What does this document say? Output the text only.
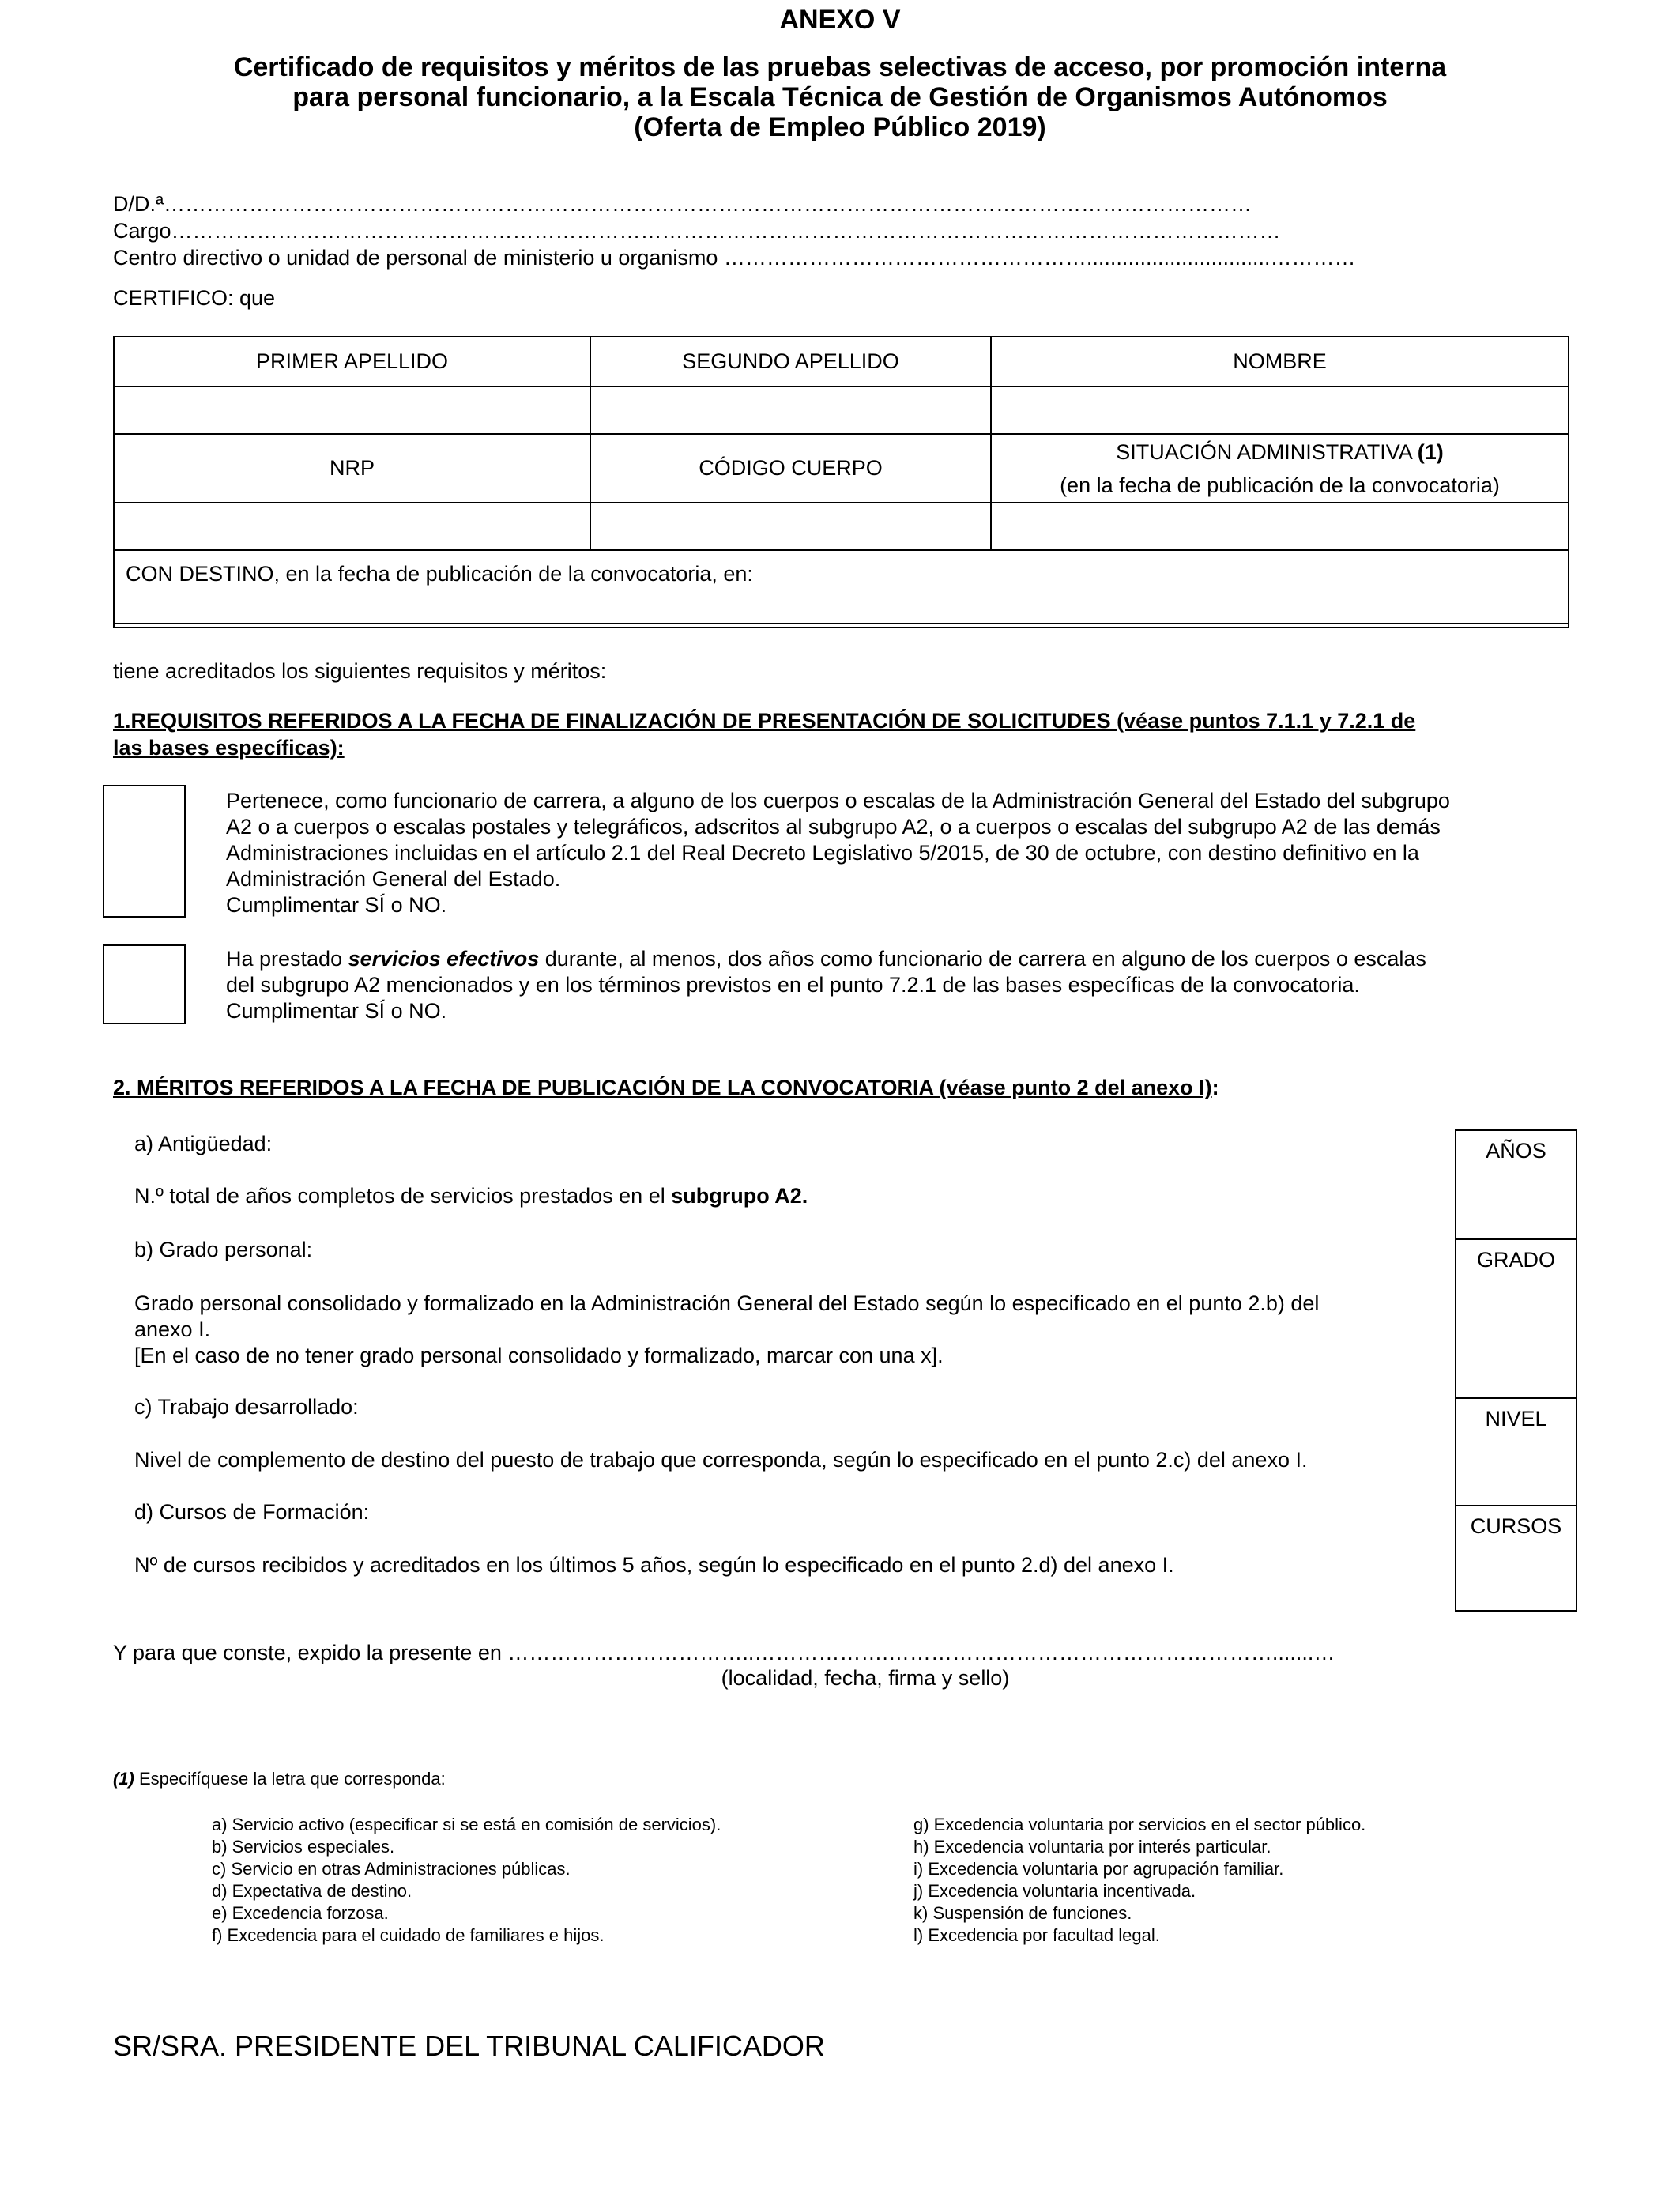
ANEXO V
Certificado de requisitos y méritos de las pruebas selectivas de acceso, por promoción interna
para personal funcionario, a la Escala Técnica de Gestión de Organismos Autónomos
(Oferta de Empleo Público 2019)
D/D.ª………………………………………………………………………………………………………………………………………
Cargo…………………………………………………………………………………………………………………………………………
Centro directivo o unidad de personal de ministerio u organismo ……………………………………………...............................…………
CERTIFICO: que
PRIMER APELLIDO	SEGUNDO APELLIDO	NOMBRE

NRP	CÓDIGO CUERPO	SITUACIÓN ADMINISTRATIVA (1)
(en la fecha de publicación de la convocatoria)

CON DESTINO, en la fecha de publicación de la convocatoria, en:		
tiene acreditados los siguientes requisitos y méritos:
1.REQUISITOS REFERIDOS A LA FECHA DE FINALIZACIÓN DE PRESENTACIÓN DE SOLICITUDES (véase puntos 7.1.1 y 7.2.1 de
las bases específicas):
Pertenece, como funcionario de carrera, a alguno de los cuerpos o escalas de la Administración General del Estado del subgrupo
A2 o a cuerpos o escalas postales y telegráficos, adscritos al subgrupo A2, o a cuerpos o escalas del subgrupo A2 de las demás
Administraciones incluidas en el artículo 2.1 del Real Decreto Legislativo 5/2015, de 30 de octubre, con destino definitivo en la
Administración General del Estado.
Cumplimentar SÍ o NO.
Ha prestado servicios efectivos durante, al menos, dos años como funcionario de carrera en alguno de los cuerpos o escalas
del subgrupo A2 mencionados y en los términos previstos en el punto 7.2.1 de las bases específicas de la convocatoria.
Cumplimentar SÍ o NO.
2. MÉRITOS REFERIDOS A LA FECHA DE PUBLICACIÓN DE LA CONVOCATORIA (véase punto 2 del anexo I):
a) Antigüedad:
N.º total de años completos de servicios prestados en el subgrupo A2.
b) Grado personal:
Grado personal consolidado y formalizado en la Administración General del Estado según lo especificado en el punto 2.b) del
anexo I.
[En el caso de no tener grado personal consolidado y formalizado, marcar con una x].
c) Trabajo desarrollado:
Nivel de complemento de destino del puesto de trabajo que corresponda, según lo especificado en el punto 2.c) del anexo I.
d) Cursos de Formación:
Nº de cursos recibidos y acreditados en los últimos 5 años, según lo especificado en el punto 2.d) del anexo I.
AÑOS
GRADO
NIVEL
CURSOS
Y para que conste, expido la presente en ……………………………..……………….……………………………………………….......…
(localidad, fecha, firma y sello)
(1) Especifíquese la letra que corresponda:
a) Servicio activo (especificar si se está en comisión de servicios).
b) Servicios especiales.
c) Servicio en otras Administraciones públicas.
d) Expectativa de destino.
e) Excedencia forzosa.
f) Excedencia para el cuidado de familiares e hijos.
g) Excedencia voluntaria por servicios en el sector público.
h) Excedencia voluntaria por interés particular.
i) Excedencia voluntaria por agrupación familiar.
j) Excedencia voluntaria incentivada.
k) Suspensión de funciones.
l) Excedencia por facultad legal.
SR/SRA. PRESIDENTE DEL TRIBUNAL CALIFICADOR
